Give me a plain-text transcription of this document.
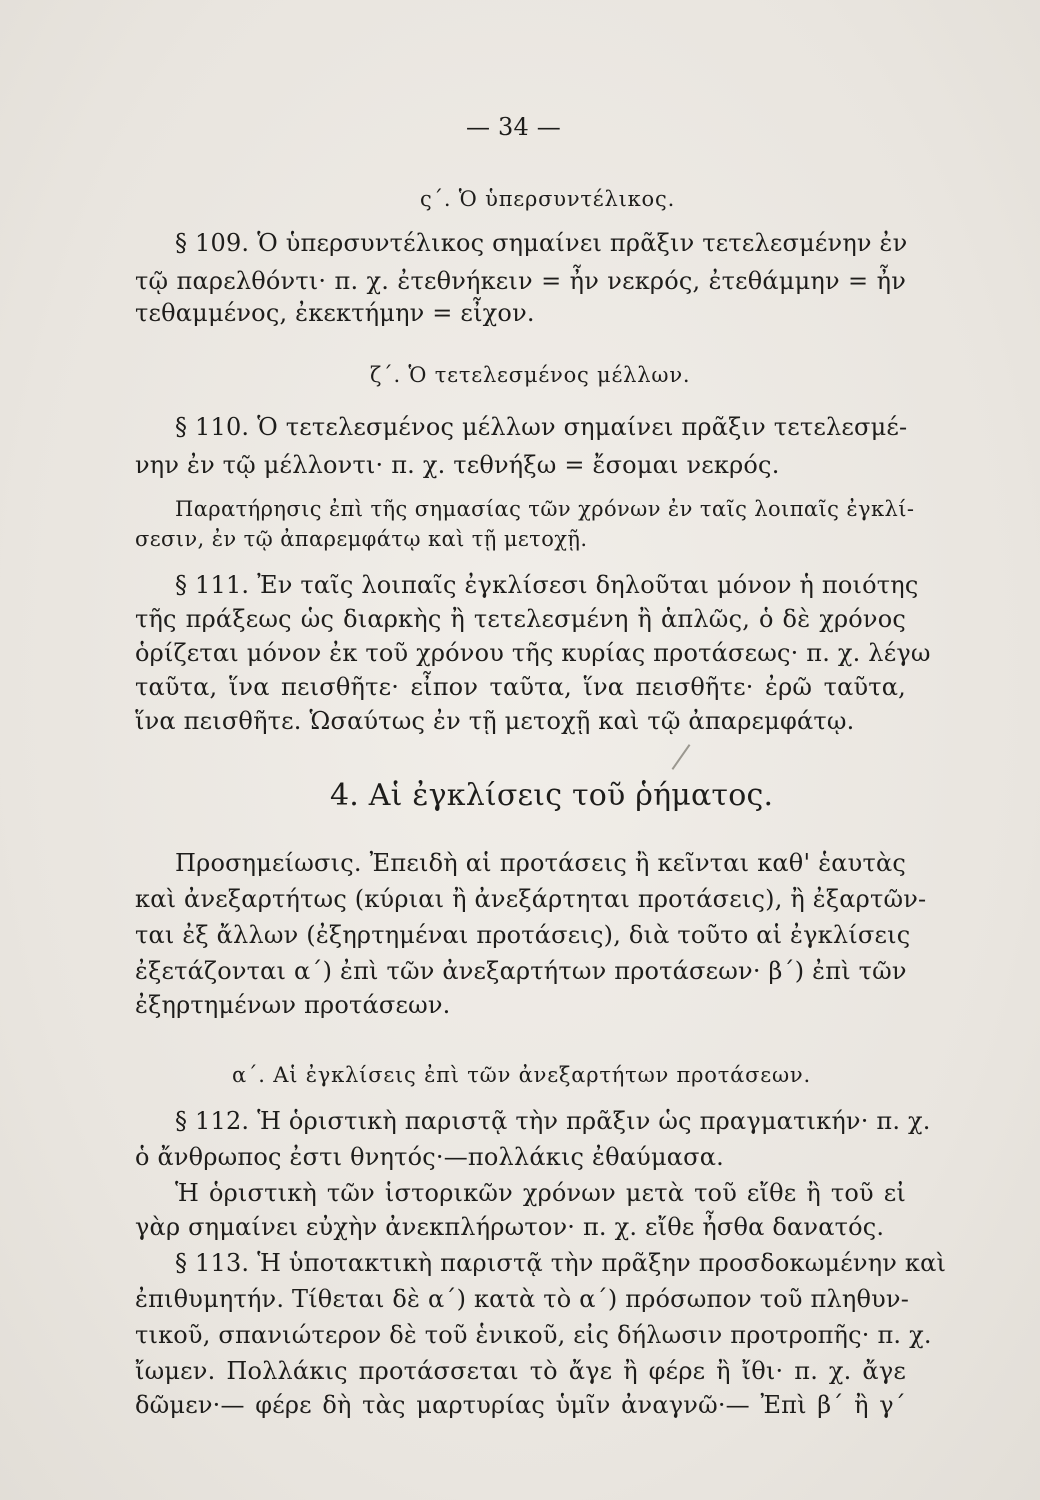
— 34 —
ς΄. Ὁ ὑπερσυντέλικος.
§ 109. Ὁ ὑπερσυντέλικος σημαίνει πρᾶξιν τετελεσμένην ἐν
τῷ παρελθόντι· π. χ. ἐτεθνήκειν = ἦν νεκρός, ἐτεθάμμην = ἦν
τεθαμμένος, ἐκεκτήμην = εἶχον.
ζ΄. Ὁ τετελεσμένος μέλλων.
§ 110. Ὁ τετελεσμένος μέλλων σημαίνει πρᾶξιν τετελεσμέ-
νην ἐν τῷ μέλλοντι· π. χ. τεθνήξω = ἔσομαι νεκρός.
Παρατήρησις ἐπὶ τῆς σημασίας τῶν χρόνων ἐν ταῖς λοιπαῖς ἐγκλί-
σεσιν, ἐν τῷ ἀπαρεμφάτῳ καὶ τῇ μετοχῇ.
§ 111. Ἐν ταῖς λοιπαῖς ἐγκλίσεσι δηλοῦται μόνον ἡ ποιότης
τῆς πράξεως ὡς διαρκὴς ἢ τετελεσμένη ἢ ἁπλῶς, ὁ δὲ χρόνος
ὁρίζεται μόνον ἐκ τοῦ χρόνου τῆς κυρίας προτάσεως· π. χ. λέγω
ταῦτα, ἵνα πεισθῆτε· εἶπον ταῦτα, ἵνα πεισθῆτε· ἐρῶ ταῦτα,
ἵνα πεισθῆτε. Ὡσαύτως ἐν τῇ μετοχῇ καὶ τῷ ἀπαρεμφάτῳ.
4. Αἱ ἐγκλίσεις τοῦ ῥήματος.
Προσημείωσις. Ἐπειδὴ αἱ προτάσεις ἢ κεῖνται καθ' ἑαυτὰς
καὶ ἀνεξαρτήτως (κύριαι ἢ ἀνεξάρτηται προτάσεις), ἢ ἐξαρτῶν-
ται ἐξ ἄλλων (ἐξηρτημέναι προτάσεις), διὰ τοῦτο αἱ ἐγκλίσεις
ἐξετάζονται α΄) ἐπὶ τῶν ἀνεξαρτήτων προτάσεων· β΄) ἐπὶ τῶν
ἐξηρτημένων προτάσεων.
α΄. Αἱ ἐγκλίσεις ἐπὶ τῶν ἀνεξαρτήτων προτάσεων.
§ 112. Ἡ ὁριστικὴ παριστᾷ τὴν πρᾶξιν ὡς πραγματικήν· π. χ.
ὁ ἄνθρωπος ἐστι θνητός·—πολλάκις ἐθαύμασα.
Ἡ ὁριστικὴ τῶν ἱστορικῶν χρόνων μετὰ τοῦ εἴθε ἢ τοῦ εἰ
γὰρ σημαίνει εὐχὴν ἀνεκπλήρωτον· π. χ. εἴθε ἦσθα δανατός.
§ 113. Ἡ ὑποτακτικὴ παριστᾷ τὴν πρᾶξην προσδοκωμένην καὶ
ἐπιθυμητήν. Τίθεται δὲ α΄) κατὰ τὸ α΄) πρόσωπον τοῦ πληθυν-
τικοῦ, σπανιώτερον δὲ τοῦ ἑνικοῦ, εἰς δήλωσιν προτροπῆς· π. χ.
ἴωμεν. Πολλάκις προτάσσεται τὸ ἄγε ἢ φέρε ἢ ἴθι· π. χ. ἄγε
δῶμεν·— φέρε δὴ τὰς μαρτυρίας ὑμῖν ἀναγνῶ·— Ἐπὶ β΄ ἢ γ΄
